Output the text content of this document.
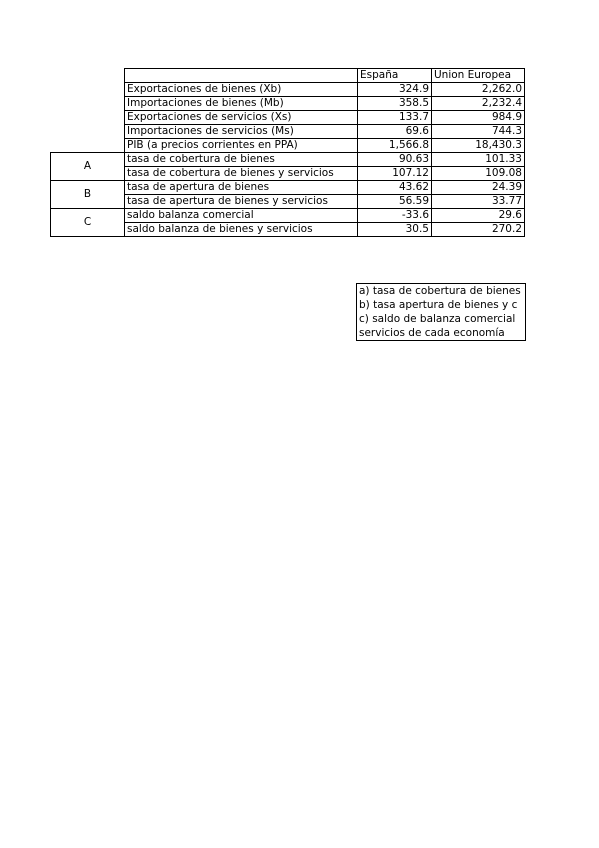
		España	Union Europea
	Exportaciones de bienes (Xb)	324.9	2,262.0
	Importaciones de bienes (Mb)	358.5	2,232.4
	Exportaciones de servicios (Xs)	133.7	984.9
	Importaciones de servicios (Ms)	69.6	744.3
	PIB (a precios corrientes en PPA)	1,566.8	18,430.3
A	tasa de cobertura de bienes	90.63	101.33
	tasa de cobertura de bienes y servicios	107.12	109.08
B	tasa de apertura de bienes	43.62	24.39
	tasa de apertura de bienes y servicios	56.59	33.77
C	saldo balanza comercial	-33.6	29.6
	saldo balanza de bienes y servicios	30.5	270.2
a) tasa de cobertura de bienes
b) tasa apertura de bienes y c
c) saldo de balanza comercial
servicios de cada economía
